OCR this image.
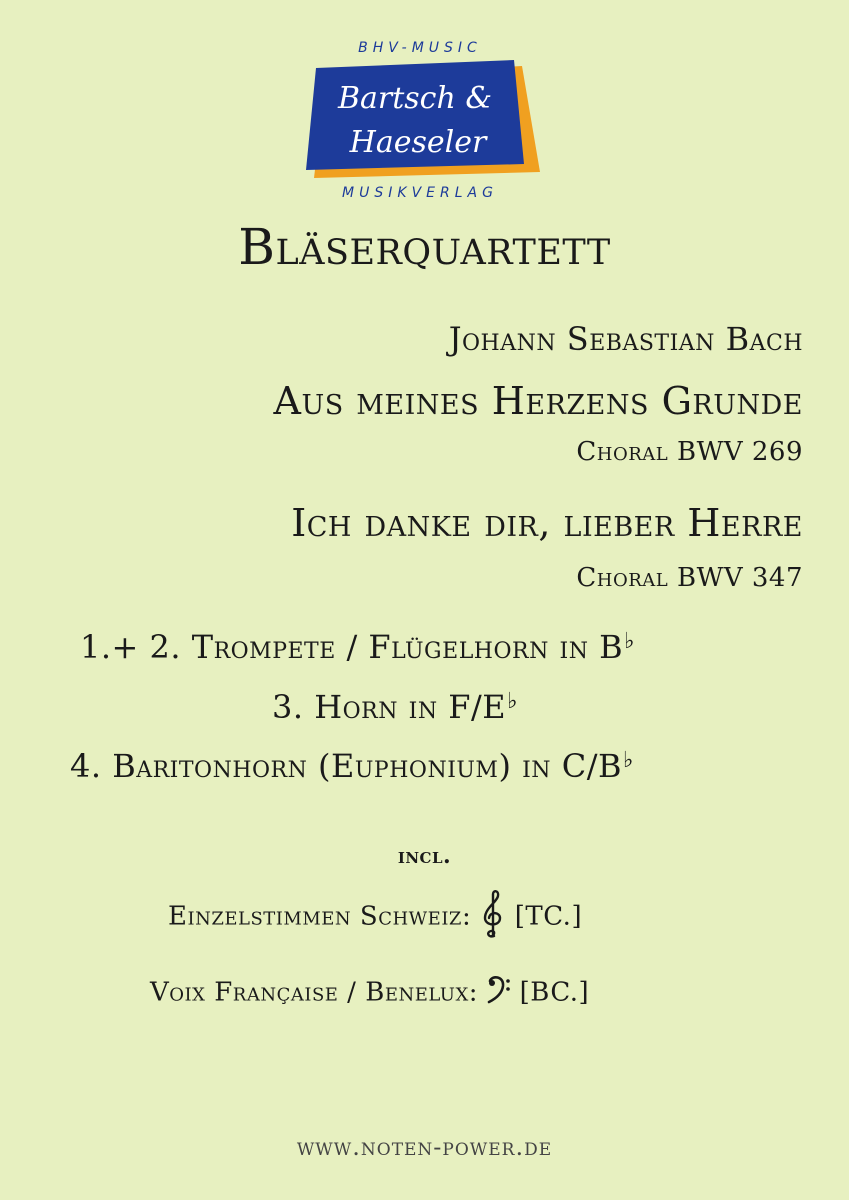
BHV-MUSIC
Bartsch &
Haeseler
MUSIKVERLAG
Bläserquartett
Johann Sebastian Bach
Aus meines Herzens Grunde
Choral BWV 269
Ich danke dir, lieber Herre
Choral BWV 347
1.+ 2. Trompete / Flügelhorn in B♭
3. Horn in F/E♭
4. Baritonhorn (Euphonium) in C/B♭
incl.
Einzelstimmen Schweiz: [TC.]
Voix Française / Benelux: [BC.]
www.noten-power.de
